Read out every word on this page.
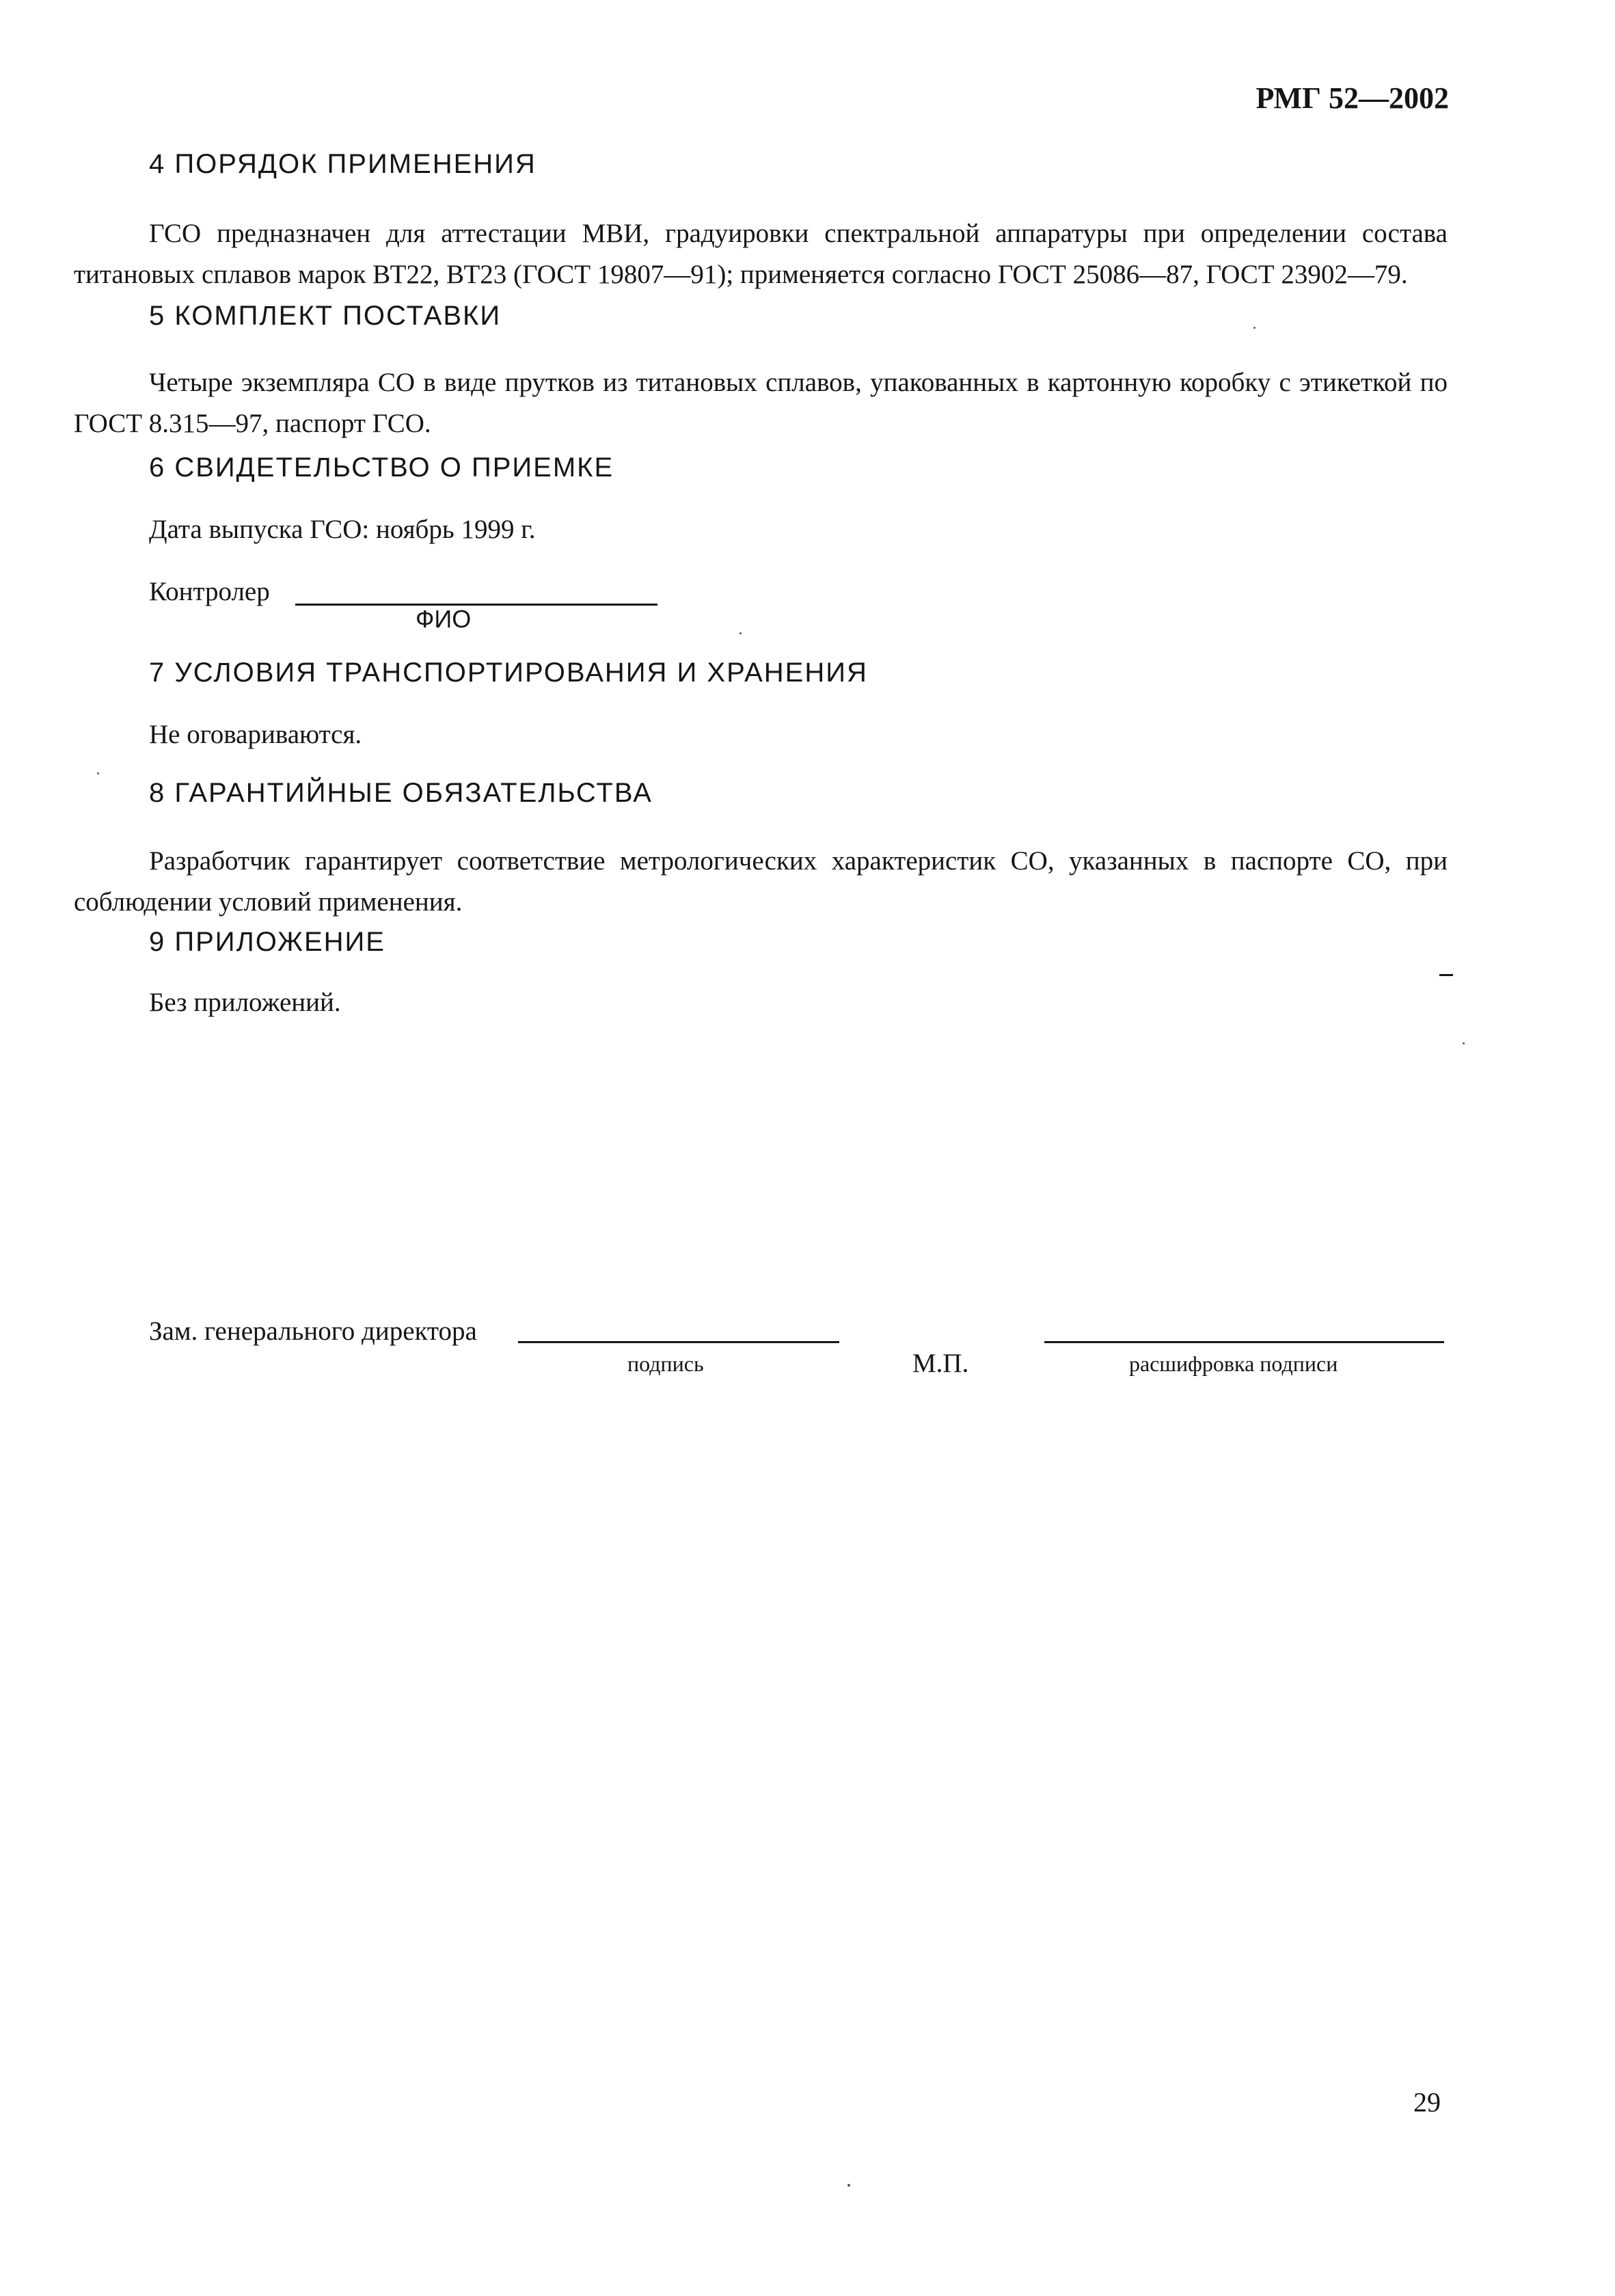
РМГ 52—2002
4 ПОРЯДОК ПРИМЕНЕНИЯ
ГСО предназначен для аттестации МВИ, градуировки спектральной аппаратуры при определении состава титановых сплавов марок ВТ22, ВТ23 (ГОСТ 19807—91); применяется согласно ГОСТ 25086—87, ГОСТ 23902—79.
5 КОМПЛЕКТ ПОСТАВКИ
Четыре экземпляра СО в виде прутков из титановых сплавов, упакованных в картонную коробку с этикеткой по ГОСТ 8.315—97, паспорт ГСО.
6 СВИДЕТЕЛЬСТВО О ПРИЕМКЕ
Дата выпуска ГСО: ноябрь 1999 г.
Контролер
ФИО
7 УСЛОВИЯ ТРАНСПОРТИРОВАНИЯ И ХРАНЕНИЯ
Не оговариваются.
8 ГАРАНТИЙНЫЕ ОБЯЗАТЕЛЬСТВА
Разработчик гарантирует соответствие метрологических характеристик СО, указанных в паспорте СО, при соблюдении условий применения.
9 ПРИЛОЖЕНИЕ
Без приложений.
Зам. генерального директора
подпись	М.П.	расшифровка подписи
29
